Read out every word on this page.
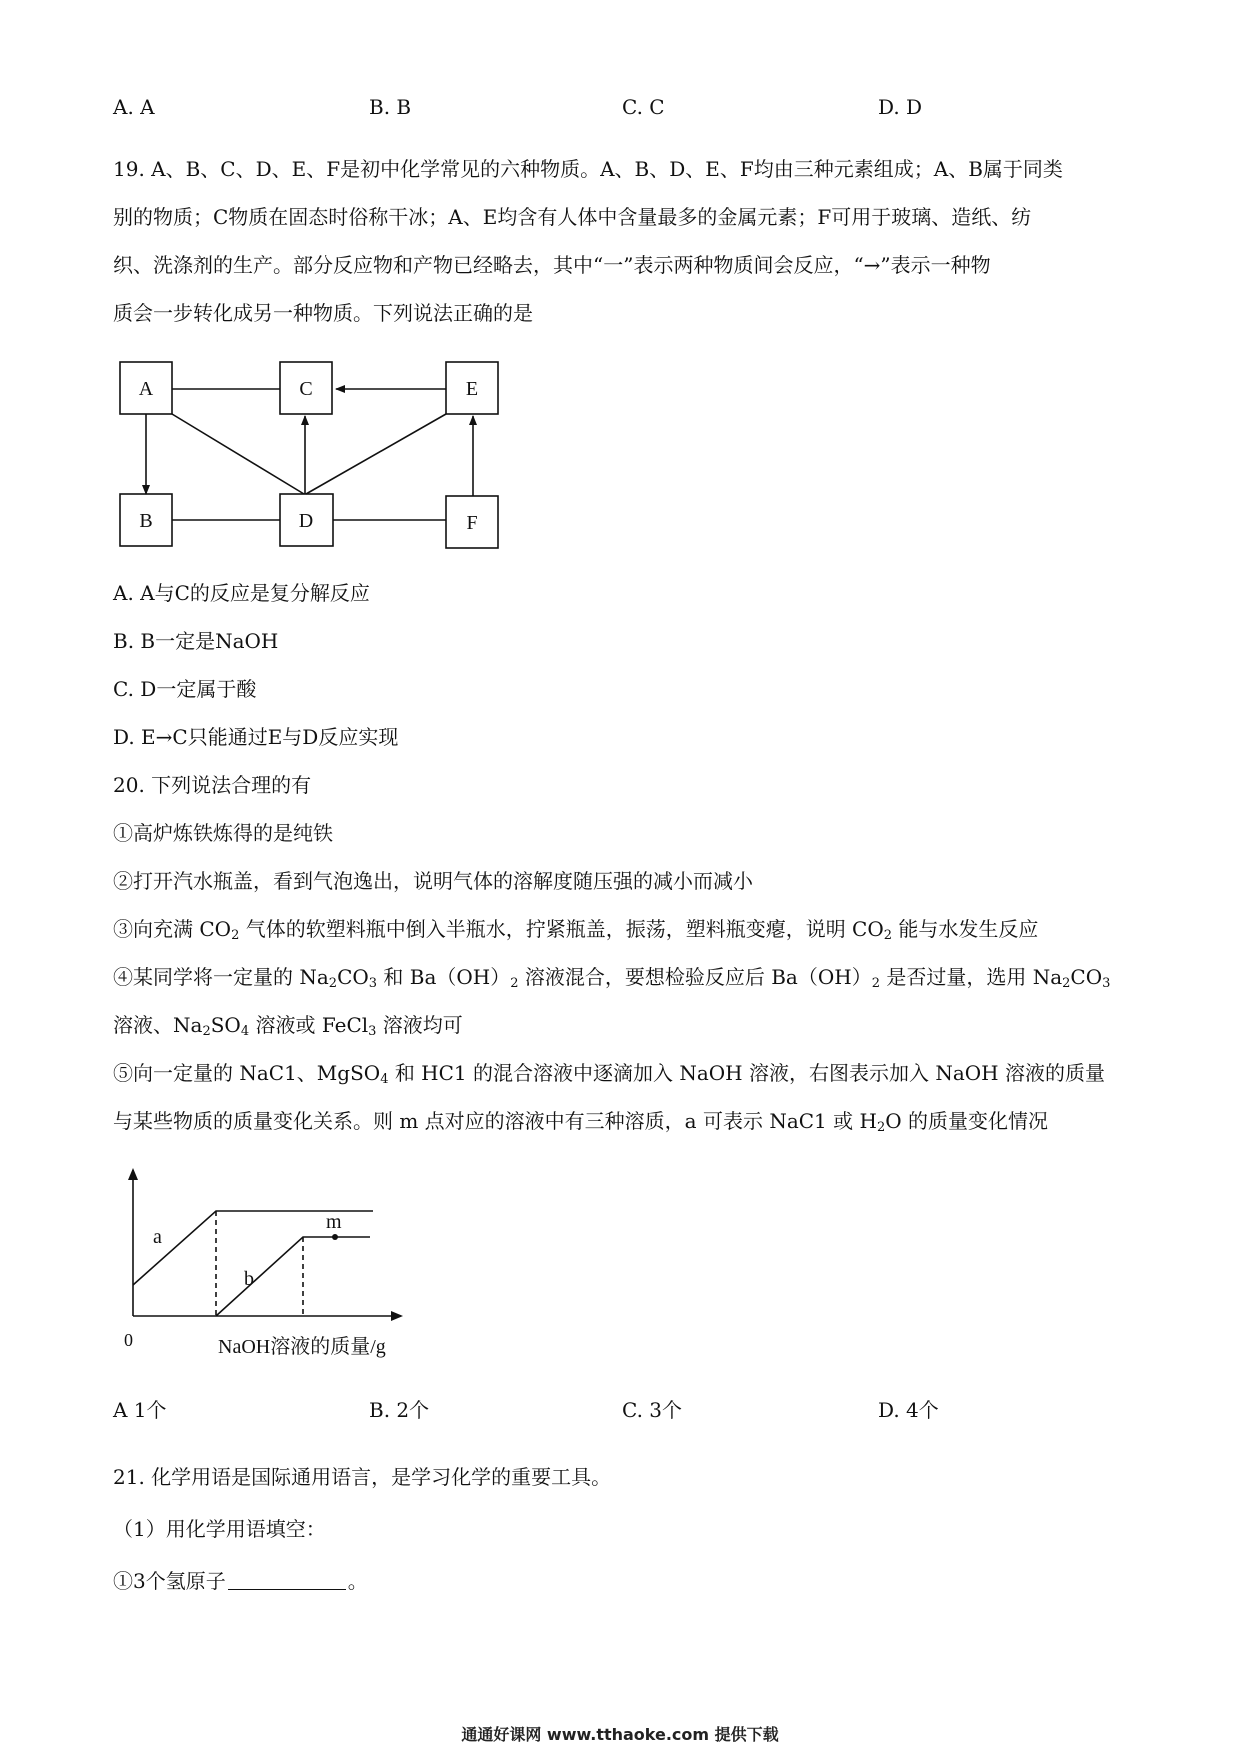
A. A	B. B	C. C	D. D
19. A、B、C、D、E、F是初中化学常见的六种物质。A、B、D、E、F均由三种元素组成；A、B属于同类
别的物质；C物质在固态时俗称干冰；A、E均含有人体中含量最多的金属元素；F可用于玻璃、造纸、纺
织、洗涤剂的生产。部分反应物和产物已经略去，其中“一”表示两种物质间会反应，“→”表示一种物
质会一步转化成另一种物质。下列说法正确的是
A	C	E
B	D	F
A. A与C的反应是复分解反应
B. B一定是NaOH
C. D一定属于酸
D. E→C只能通过E与D反应实现
20. 下列说法合理的有
①高炉炼铁炼得的是纯铁
②打开汽水瓶盖，看到气泡逸出，说明气体的溶解度随压强的减小而减小
③向充满 $CO_2$ 气体的软塑料瓶中倒入半瓶水，拧紧瓶盖，振荡，塑料瓶变瘪，说明 $CO_2$ 能与水发生反应
④某同学将一定量的 $Na_2CO_3$ 和 $Ba(OH)_2$ 溶液混合，要想检验反应后 $Ba(OH)_2$ 是否过量，选用 $Na_2CO_3$
溶液、$Na_2SO_4$ 溶液或 FeCl$_3$ 溶液均可
⑤向一定量的 NaC1、MgSO$_4$ 和 HC1 的混合溶液中逐滴加入 NaOH 溶液，右图表示加入 NaOH 溶液的质量
与某些物质的质量变化关系。则 m 点对应的溶液中有三种溶质，a 可表示 NaC1 或 $H_2O$ 的质量变化情况
a
b
m
0	NaOH溶液的质量/g
A 1个	B. 2个	C. 3个	D. 4个
21. 化学用语是国际通用语言，是学习化学的重要工具。
（1）用化学用语填空：
①3个氢原子	。
通通好课网 www.tthaoke.com 提供下载
